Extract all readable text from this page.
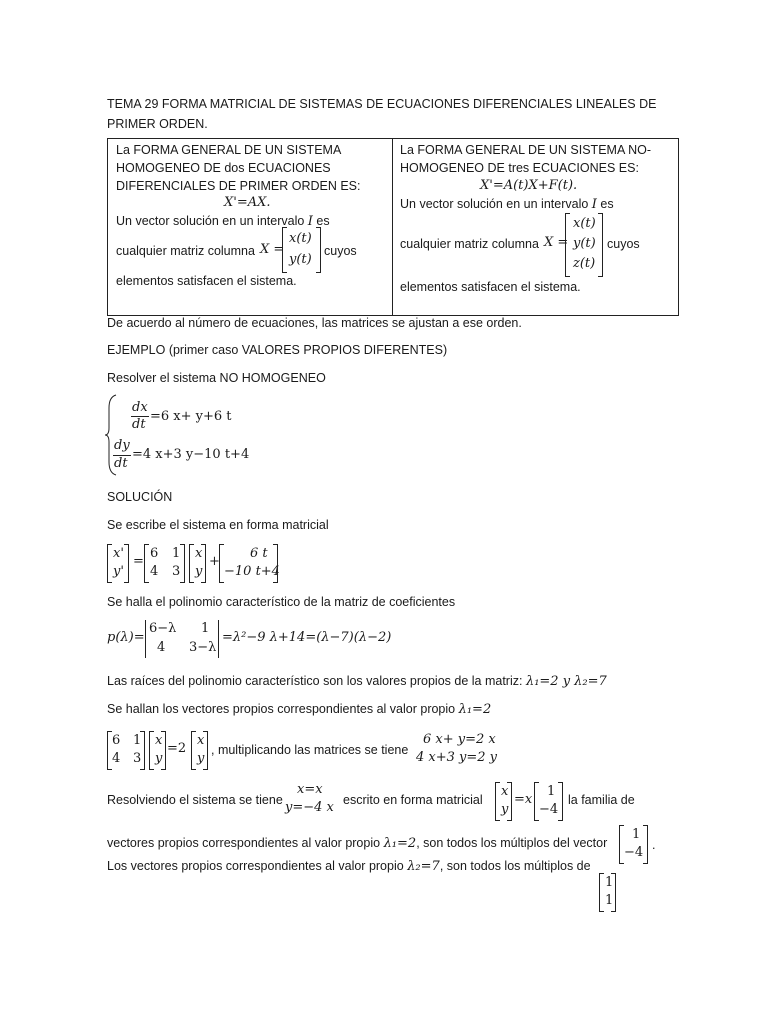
TEMA 29 FORMA MATRICIAL DE SISTEMAS DE ECUACIONES DIFERENCIALES LINEALES DE PRIMER ORDEN.
La FORMA GENERAL DE UN SISTEMA
HOMOGENEO DE dos ECUACIONES
DIFERENCIALES DE PRIMER ORDEN ES:
X'=AX.
Un vector solución en un intervalo I es
cualquier matriz columna X =
x(t)
y(t)
cuyos
elementos satisfacen el sistema.

La FORMA GENERAL DE UN SISTEMA NO-
HOMOGENEO DE tres ECUACIONES ES:
X'=A(t)X+F(t).
Un vector solución en un intervalo I es
cualquier matriz columna X =
x(t)
y(t)
z(t)
cuyos
elementos satisfacen el sistema.
De acuerdo al número de ecuaciones, las matrices se ajustan a ese orden.
EJEMPLO (primer caso VALORES PROPIOS DIFERENTES)
Resolver el sistema NO HOMOGENEO
dx
dt
=6 x+ y+6 t
dy
dt
=4 x+3 y−10 t+4
SOLUCIÓN
Se escribe el sistema en forma matricial
x'
y'
=
6 1
4 3
x
y
+
6 t
−10 t+4
Se halla el polinomio característico de la matriz de coeficientes
p(λ)=
6−λ 1
4 3−λ
=λ²−9 λ+14=(λ−7)(λ−2)
Las raíces del polinomio característico son los valores propios de la matriz: λ₁=2 y λ₂=7
Se hallan los vectores propios correspondientes al valor propio λ₁=2
6 1
4 3
x
y
=2
x
y
, multiplicando las matrices se tiene
6 x+ y=2 x
4 x+3 y=2 y
Resolviendo el sistema se tiene
x=x
y=−4 x escrito en forma matricial
x
y
=x
1
−4
la familia de
vectores propios correspondientes al valor propio λ₁=2, son todos los múltiplos del vector
1
−4 .
Los vectores propios correspondientes al valor propio λ₂=7, son todos los múltiplos de
1
1
